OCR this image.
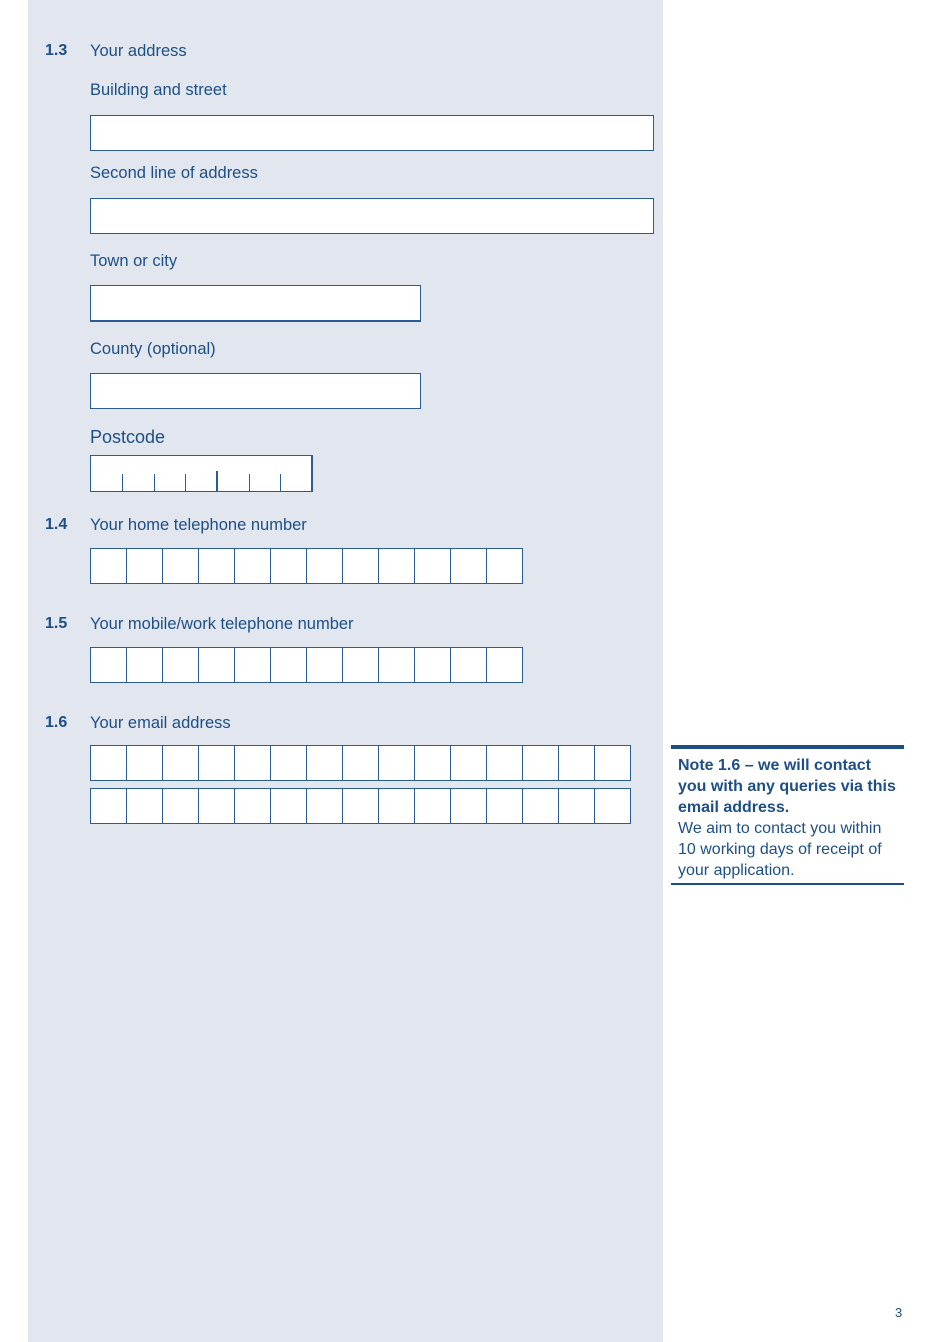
1.3 Your address
Building and street
Second line of address
Town or city
County (optional)
Postcode
1.4 Your home telephone number
1.5 Your mobile/work telephone number
1.6 Your email address
Note 1.6 – we will contact you with any queries via this email address.
We aim to contact you within 10 working days of receipt of your application.
3
